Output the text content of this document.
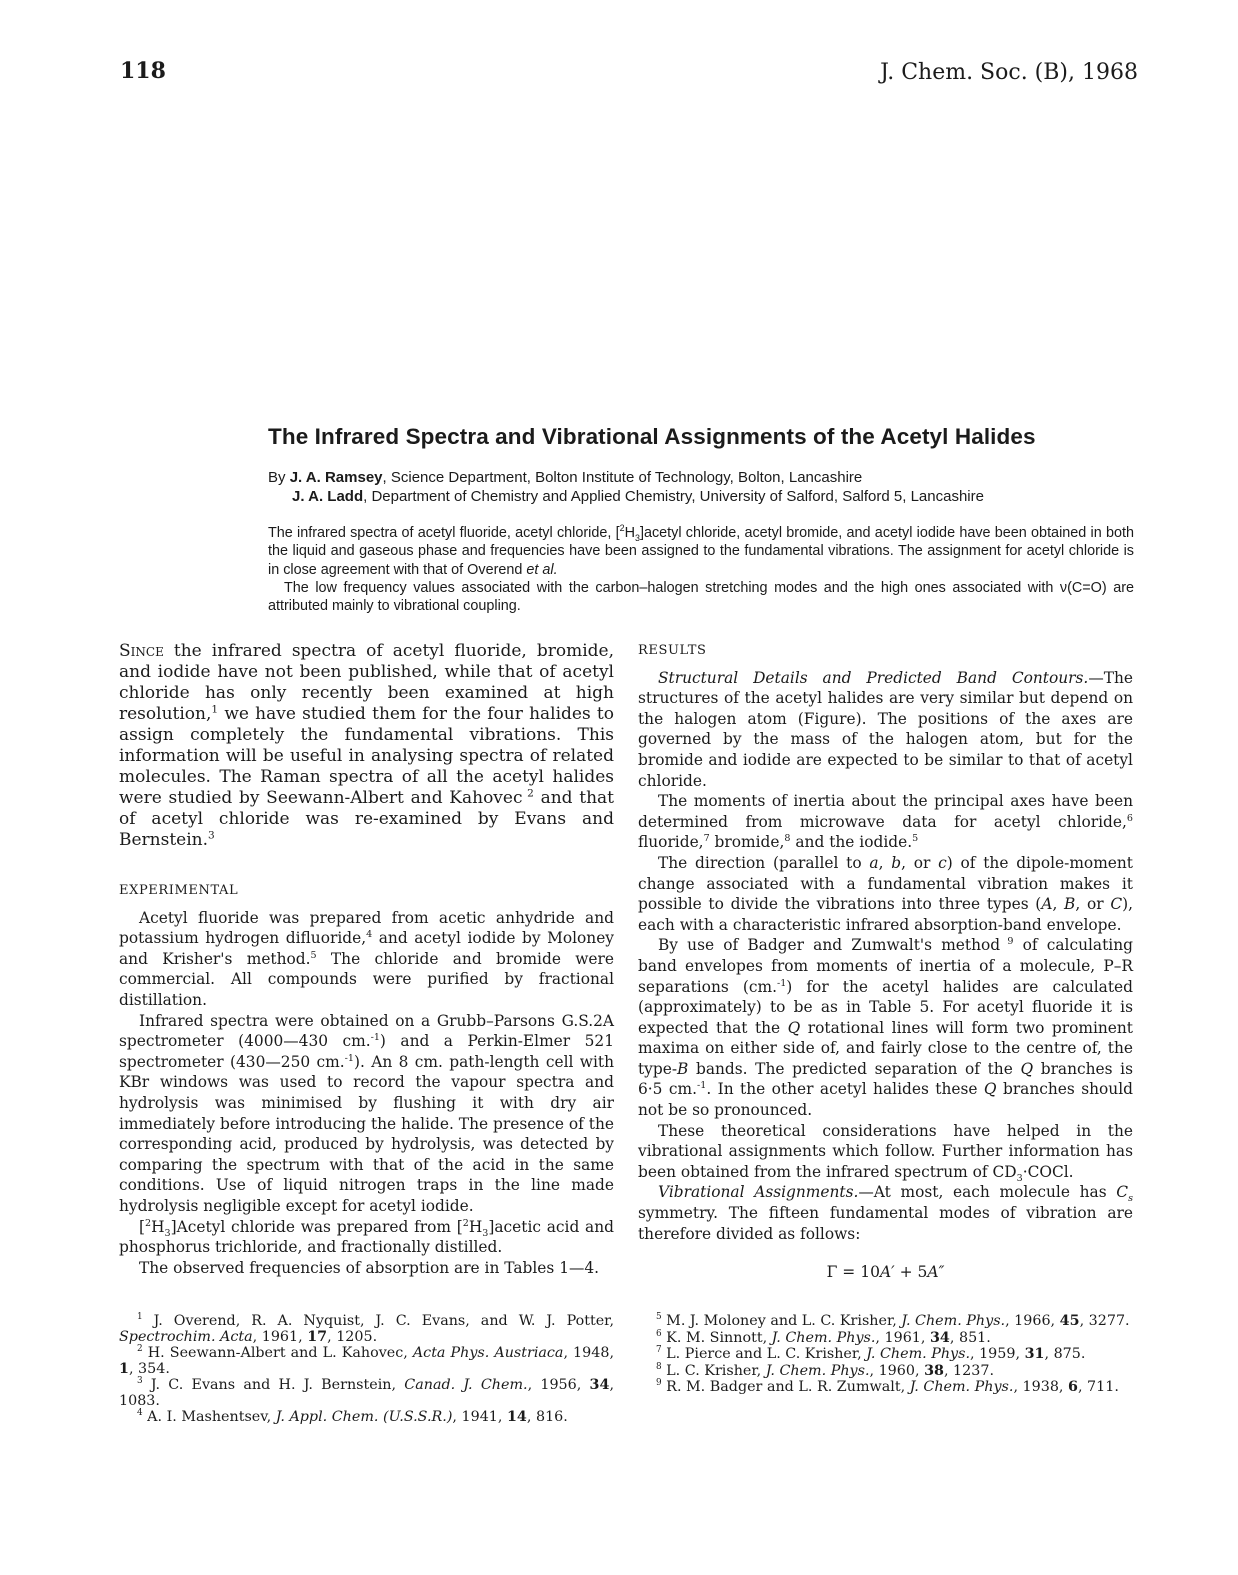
118	J. Chem. Soc. (B), 1968
The Infrared Spectra and Vibrational Assignments of the Acetyl Halides
By J. A. Ramsey, Science Department, Bolton Institute of Technology, Bolton, Lancashire
J. A. Ladd, Department of Chemistry and Applied Chemistry, University of Salford, Salford 5, Lancashire

The infrared spectra of acetyl fluoride, acetyl chloride, $[^2H_3]acetyl$ chloride, acetyl bromide, and acetyl iodide have been obtained in both the liquid and gaseous phase and frequencies have been assigned to the fundamental vibrations. The assignment for acetyl chloride is in close agreement with that of Overend et al.

The low frequency values associated with the carbon–halogen stretching modes and the high ones associated with ν(C=O) are attributed mainly to vibrational coupling.

Since the infrared spectra of acetyl fluoride, bromide, and iodide have not been published, while that of acetyl chloride has only recently been examined at high resolution,$^1$ we have studied them for the four halides to assign completely the fundamental vibrations. This information will be useful in analysing spectra of related molecules. The Raman spectra of all the acetyl halides were studied by Seewann-Albert and Kahovec $^2$ and that of acetyl chloride was re-examined by Evans and Bernstein.$^3$

EXPERIMENTAL

Acetyl fluoride was prepared from acetic anhydride and potassium hydrogen difluoride,$^4$ and acetyl iodide by Moloney and Krisher's method.$^5$ The chloride and bromide were commercial. All compounds were purified by fractional distillation.

Infrared spectra were obtained on a Grubb–Parsons G.S.2A spectrometer (4000—430 cm.$^{-1}$) and a Perkin-Elmer 521 spectrometer (430—250 cm.$^{-1}$). An 8 cm. path-length cell with KBr windows was used to record the vapour spectra and hydrolysis was minimised by flushing it with dry air immediately before introducing the halide. The presence of the corresponding acid, produced by hydrolysis, was detected by comparing the spectrum with that of the acid in the same conditions. Use of liquid nitrogen traps in the line made hydrolysis negligible except for acetyl iodide.

$[^2H_3]Acetyl$ chloride was prepared from $[^2H_3]acetic$ acid and phosphorus trichloride, and fractionally distilled.

The observed frequencies of absorption are in Tables 1—4.

RESULTS

Structural Details and Predicted Band Contours.—The structures of the acetyl halides are very similar but depend on the halogen atom (Figure). The positions of the axes are governed by the mass of the halogen atom, but for the bromide and iodide are expected to be similar to that of acetyl chloride.

The moments of inertia about the principal axes have been determined from microwave data for acetyl chloride,$^6$ fluoride,$^7$ bromide,$^8$ and the iodide.$^5$

The direction (parallel to a, b, or c) of the dipole-moment change associated with a fundamental vibration makes it possible to divide the vibrations into three types (A, B, or C), each with a characteristic infrared absorption-band envelope.

By use of Badger and Zumwalt's method $^9$ of calculating band envelopes from moments of inertia of a molecule, P–R separations (cm.$^{-1}$) for the acetyl halides are calculated (approximately) to be as in Table 5. For acetyl fluoride it is expected that the Q rotational lines will form two prominent maxima on either side of, and fairly close to the centre of, the type-B bands. The predicted separation of the Q branches is 6·5 cm.$^{-1}$. In the other acetyl halides these Q branches should not be so pronounced.

These theoretical considerations have helped in the vibrational assignments which follow. Further information has been obtained from the infrared spectrum of $CD_3\cdot COCl$.

Vibrational Assignments.—At most, each molecule has $C_s$ symmetry. The fifteen fundamental modes of vibration are therefore divided as follows:

Γ = 10A′ + 5A″

$^1$ J. Overend, R. A. Nyquist, J. C. Evans, and W. J. Potter, Spectrochim. Acta, 1961, 17, 1205.

$^2$ H. Seewann-Albert and L. Kahovec, Acta Phys. Austriaca, 1948, 1, 354.

$^3$ J. C. Evans and H. J. Bernstein, Canad. J. Chem., 1956, 34, 1083.

$^4$ A. I. Mashentsev, J. Appl. Chem. (U.S.S.R.), 1941, 14, 816.

$^5$ M. J. Moloney and L. C. Krisher, J. Chem. Phys., 1966, 45, 3277.

$^6$ K. M. Sinnott, J. Chem. Phys., 1961, 34, 851.

$^7$ L. Pierce and L. C. Krisher, J. Chem. Phys., 1959, 31, 875.

$^8$ L. C. Krisher, J. Chem. Phys., 1960, 38, 1237.

$^9$ R. M. Badger and L. R. Zumwalt, J. Chem. Phys., 1938, 6, 711.
